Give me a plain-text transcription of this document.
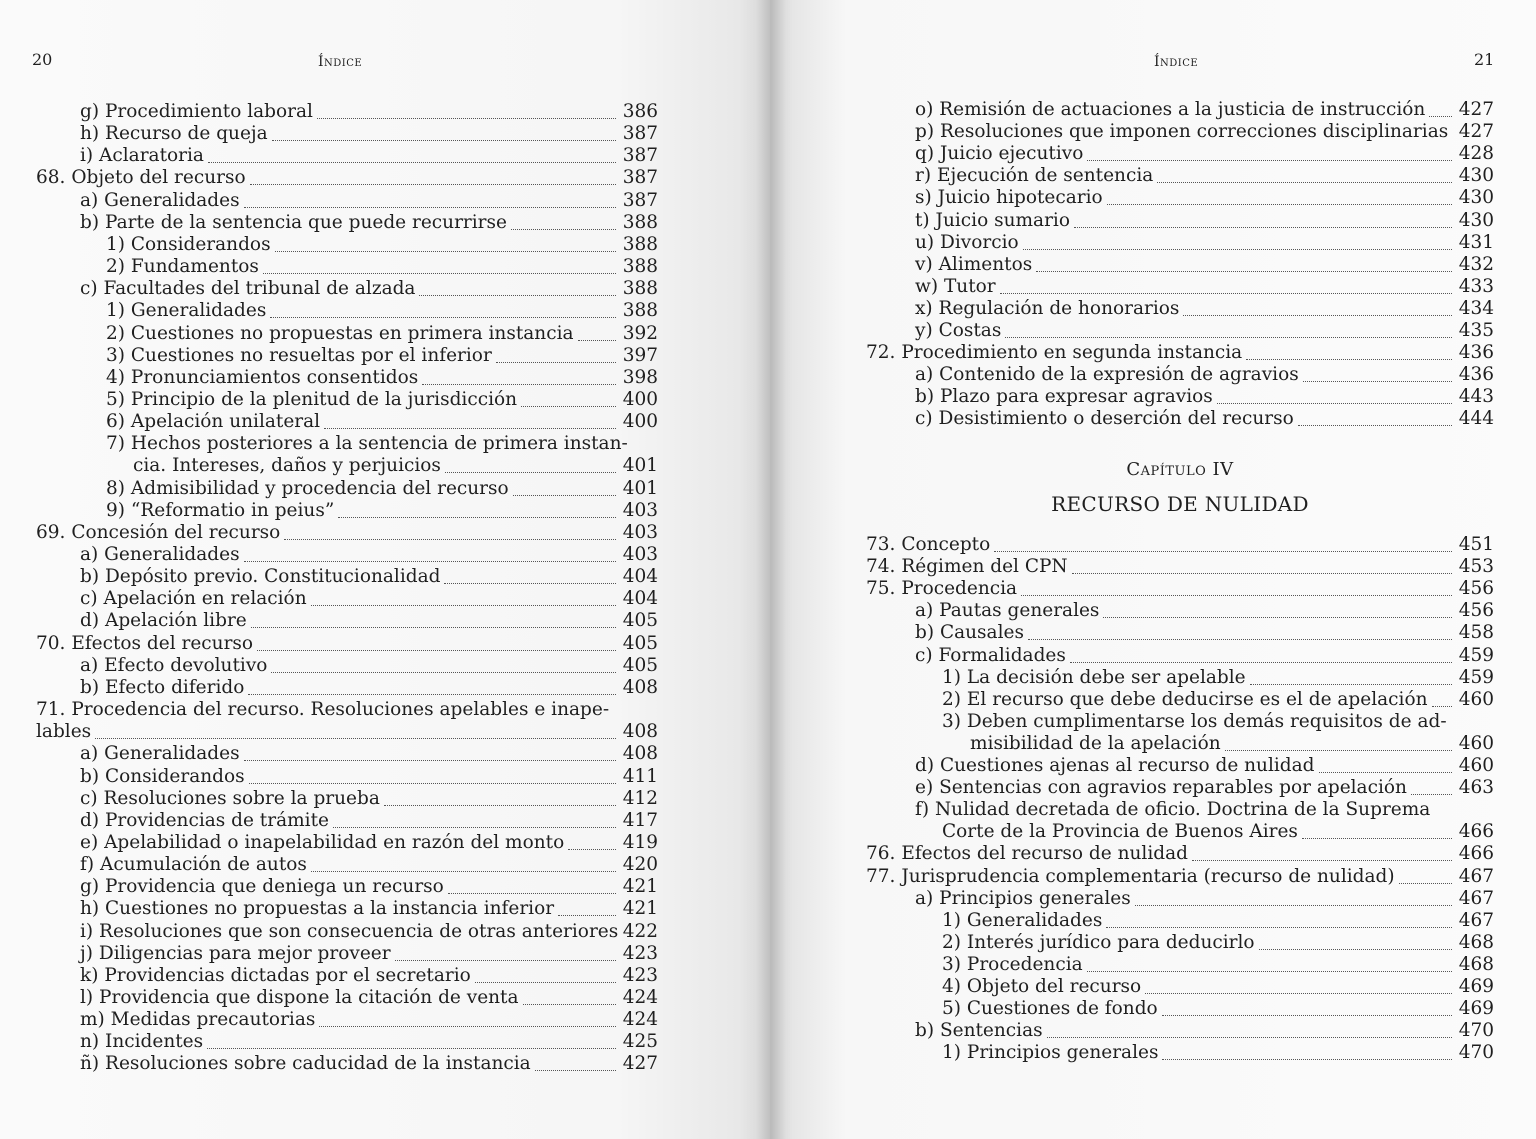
20	Índice	Índice	21
g) Procedimiento laboral	386
h) Recurso de queja	387
i) Aclaratoria	387
68. Objeto del recurso	387
a) Generalidades	387
b) Parte de la sentencia que puede recurrirse	388
1) Considerandos	388
2) Fundamentos	388
c) Facultades del tribunal de alzada	388
1) Generalidades	388
2) Cuestiones no propuestas en primera instancia	392
3) Cuestiones no resueltas por el inferior	397
4) Pronunciamientos consentidos	398
5) Principio de la plenitud de la jurisdicción	400
6) Apelación unilateral	400
7) Hechos posteriores a la sentencia de primera instan-
cia. Intereses, daños y perjuicios	401
8) Admisibilidad y procedencia del recurso	401
9) “Reformatio in peius”	403
69. Concesión del recurso	403
a) Generalidades	403
b) Depósito previo. Constitucionalidad	404
c) Apelación en relación	404
d) Apelación libre	405
70. Efectos del recurso	405
a) Efecto devolutivo	405
b) Efecto diferido	408
71. Procedencia del recurso. Resoluciones apelables e inape-
lables	408
a) Generalidades	408
b) Considerandos	411
c) Resoluciones sobre la prueba	412
d) Providencias de trámite	417
e) Apelabilidad o inapelabilidad en razón del monto	419
f) Acumulación de autos	420
g) Providencia que deniega un recurso	421
h) Cuestiones no propuestas a la instancia inferior	421
i) Resoluciones que son consecuencia de otras anteriores 422
j) Diligencias para mejor proveer	423
k) Providencias dictadas por el secretario	423
l) Providencia que dispone la citación de venta	424
m) Medidas precautorias	424
n) Incidentes	425
ñ) Resoluciones sobre caducidad de la instancia	427
o) Remisión de actuaciones a la justicia de instrucción 427
p) Resoluciones que imponen correcciones disciplinarias 427
q) Juicio ejecutivo	428
r) Ejecución de sentencia	430
s) Juicio hipotecario	430
t) Juicio sumario	430
u) Divorcio	431
v) Alimentos	432
w) Tutor	433
x) Regulación de honorarios	434
y) Costas	435
72. Procedimiento en segunda instancia	436
a) Contenido de la expresión de agravios	436
b) Plazo para expresar agravios	443
c) Desistimiento o deserción del recurso	444
Capítulo IV
RECURSO DE NULIDAD
73. Concepto	451
74. Régimen del CPN	453
75. Procedencia	456
a) Pautas generales	456
b) Causales	458
c) Formalidades	459
1) La decisión debe ser apelable	459
2) El recurso que debe deducirse es el de apelación 460
3) Deben cumplimentarse los demás requisitos de ad-
misibilidad de la apelación	460
d) Cuestiones ajenas al recurso de nulidad	460
e) Sentencias con agravios reparables por apelación	463
f) Nulidad decretada de oficio. Doctrina de la Suprema
Corte de la Provincia de Buenos Aires	466
76. Efectos del recurso de nulidad	466
77. Jurisprudencia complementaria (recurso de nulidad)	467
a) Principios generales	467
1) Generalidades	467
2) Interés jurídico para deducirlo	468
3) Procedencia	468
4) Objeto del recurso	469
5) Cuestiones de fondo	469
b) Sentencias	470
1) Principios generales	470
